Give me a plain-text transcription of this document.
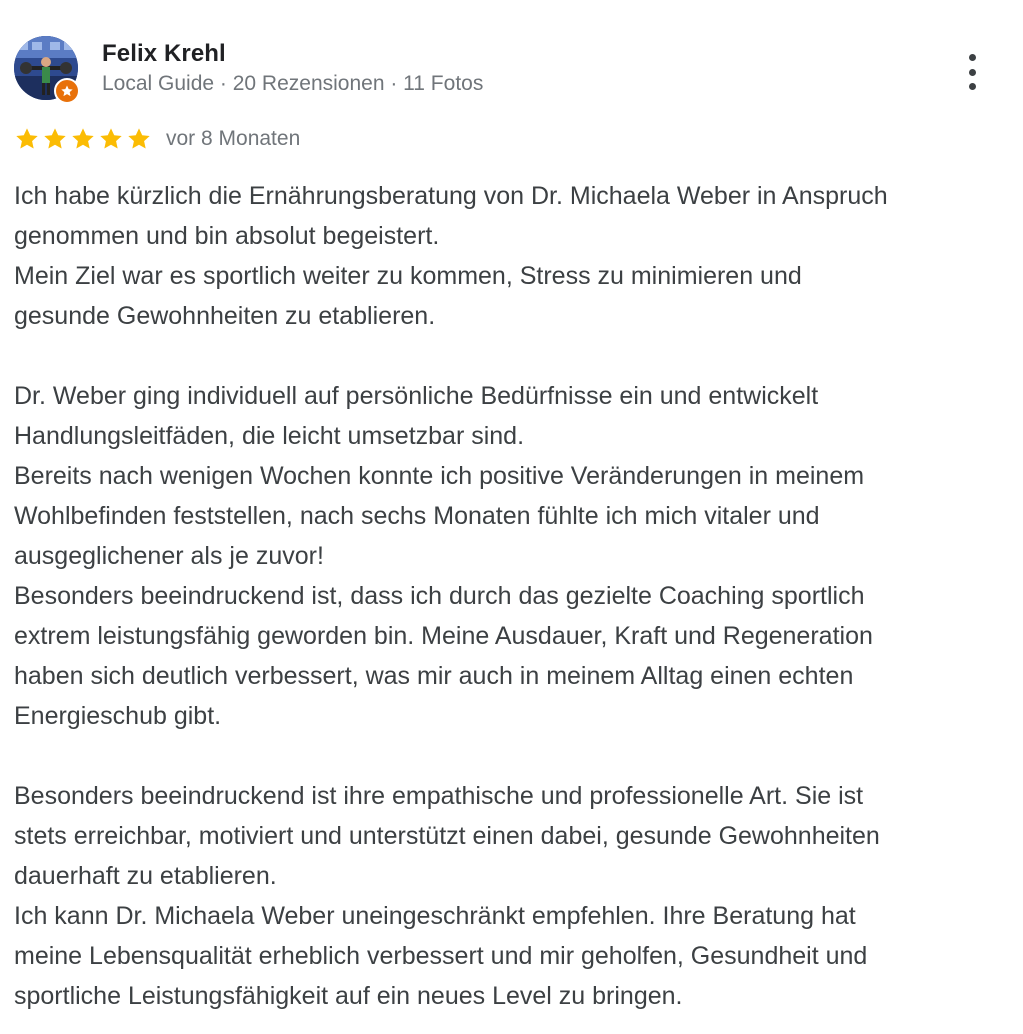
Felix Krehl
Local Guide · 20 Rezensionen · 11 Fotos
vor 8 Monaten

Ich habe kürzlich die Ernährungsberatung von Dr. Michaela Weber in Anspruch

genommen und bin absolut begeistert.

Mein Ziel war es sportlich weiter zu kommen, Stress zu minimieren und

gesunde Gewohnheiten zu etablieren.

Dr. Weber ging individuell auf persönliche Bedürfnisse ein und entwickelt

Handlungsleitfäden, die leicht umsetzbar sind.

Bereits nach wenigen Wochen konnte ich positive Veränderungen in meinem

Wohlbefinden feststellen, nach sechs Monaten fühlte ich mich vitaler und

ausgeglichener als je zuvor!

Besonders beeindruckend ist, dass ich durch das gezielte Coaching sportlich

extrem leistungsfähig geworden bin. Meine Ausdauer, Kraft und Regeneration

haben sich deutlich verbessert, was mir auch in meinem Alltag einen echten

Energieschub gibt.

Besonders beeindruckend ist ihre empathische und professionelle Art. Sie ist

stets erreichbar, motiviert und unterstützt einen dabei, gesunde Gewohnheiten

dauerhaft zu etablieren.

Ich kann Dr. Michaela Weber uneingeschränkt empfehlen. Ihre Beratung hat

meine Lebensqualität erheblich verbessert und mir geholfen, Gesundheit und

sportliche Leistungsfähigkeit auf ein neues Level zu bringen.
